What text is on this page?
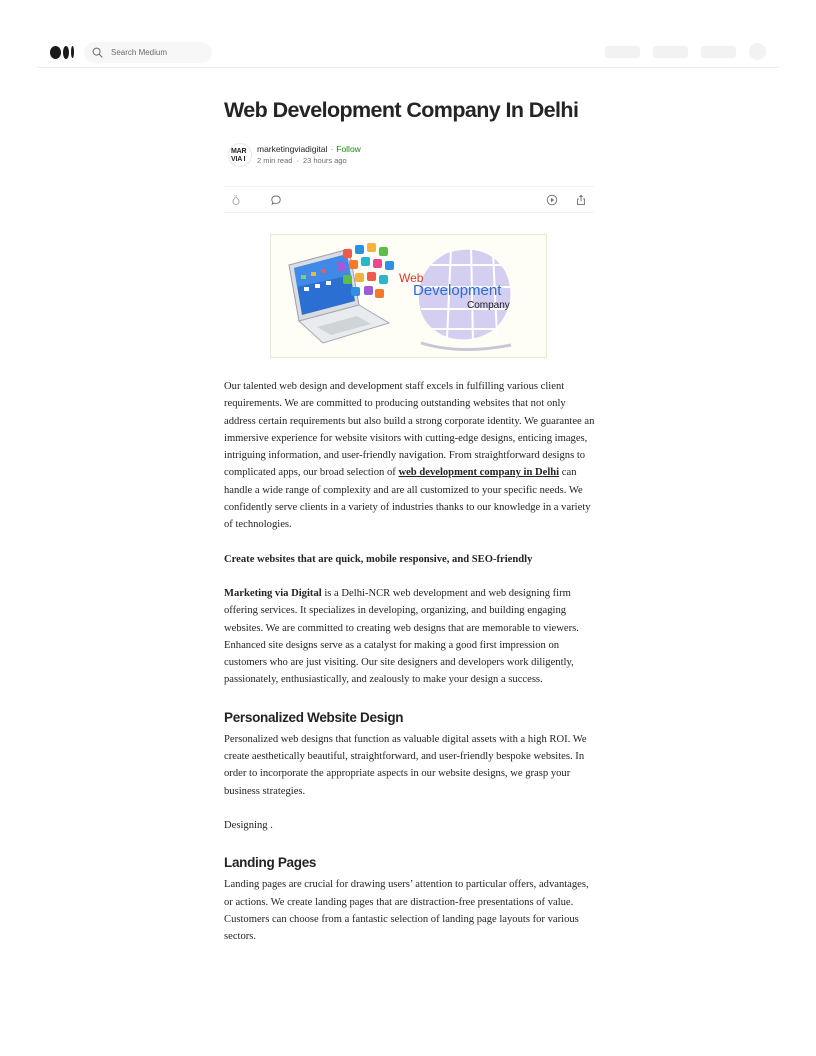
Search Medium
Web Development Company In Delhi
MAR
VIA I
marketingviadigital · Follow
2 min read · 23 hours ago
Web
Development
Company

Our talented web design and development staff excels in fulfilling various client requirements. We are committed to producing outstanding websites that not only address certain requirements but also build a strong corporate identity. We guarantee an immersive experience for website visitors with cutting-edge designs, enticing images, intriguing information, and user-friendly navigation. From straightforward designs to complicated apps, our broad selection of web development company in Delhi can handle a wide range of complexity and are all customized to your specific needs. We confidently serve clients in a variety of industries thanks to our knowledge in a variety of technologies.

Create websites that are quick, mobile responsive, and SEO-friendly

Marketing via Digital is a Delhi-NCR web development and web designing firm offering services. It specializes in developing, organizing, and building engaging websites. We are committed to creating web designs that are memorable to viewers. Enhanced site designs serve as a catalyst for making a good first impression on customers who are just visiting. Our site designers and developers work diligently, passionately, enthusiastically, and zealously to make your design a success.

Personalized Website Design

Personalized web designs that function as valuable digital assets with a high ROI. We create aesthetically beautiful, straightforward, and user-friendly bespoke websites. In order to incorporate the appropriate aspects in our website designs, we grasp your business strategies.

Designing .

Landing Pages

Landing pages are crucial for drawing users’ attention to particular offers, advantages, or actions. We create landing pages that are distraction-free presentations of value. Customers can choose from a fantastic selection of landing page layouts for various sectors.
